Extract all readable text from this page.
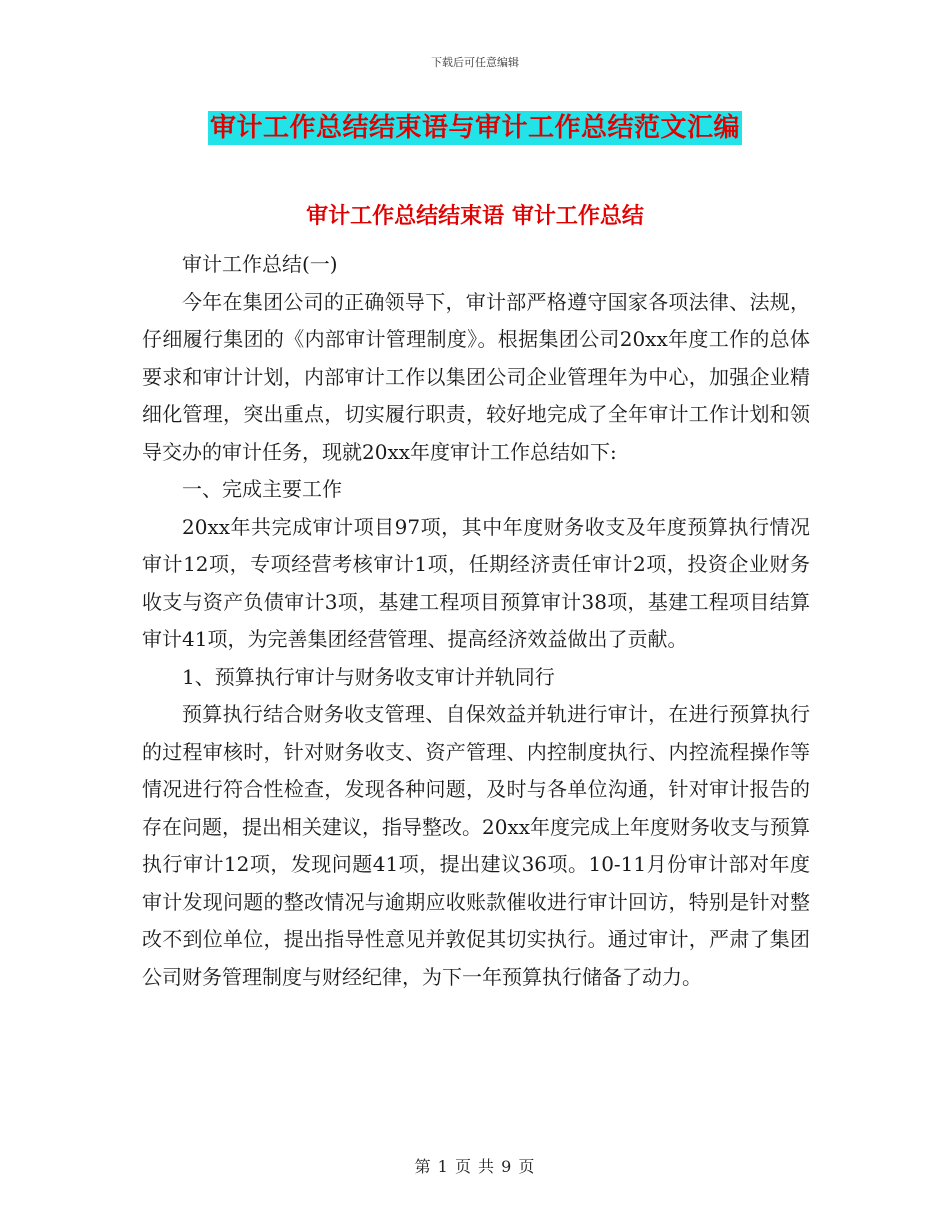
下载后可任意编辑
审计工作总结结束语与审计工作总结范文汇编
审计工作总结结束语 审计工作总结

审计工作总结(一)

今年在集团公司的正确领导下，审计部严格遵守国家各项法律、法规，仔细履行集团的《内部审计管理制度》。根据集团公司20xx年度工作的总体要求和审计计划，内部审计工作以集团公司企业管理年为中心，加强企业精细化管理，突出重点，切实履行职责，较好地完成了全年审计工作计划和领导交办的审计任务，现就20xx年度审计工作总结如下:

一、完成主要工作

20xx年共完成审计项目97项，其中年度财务收支及年度预算执行情况审计12项，专项经营考核审计1项，任期经济责任审计2项，投资企业财务收支与资产负债审计3项，基建工程项目预算审计38项，基建工程项目结算审计41项，为完善集团经营管理、提高经济效益做出了贡献。

1、预算执行审计与财务收支审计并轨同行

预算执行结合财务收支管理、自保效益并轨进行审计，在进行预算执行的过程审核时，针对财务收支、资产管理、内控制度执行、内控流程操作等情况进行符合性检查，发现各种问题，及时与各单位沟通，针对审计报告的存在问题，提出相关建议，指导整改。20xx年度完成上年度财务收支与预算执行审计12项，发现问题41项，提出建议36项。10-11月份审计部对年度审计发现问题的整改情况与逾期应收账款催收进行审计回访，特别是针对整改不到位单位，提出指导性意见并敦促其切实执行。通过审计，严肃了集团公司财务管理制度与财经纪律，为下一年预算执行储备了动力。

第 1 页 共 9 页
